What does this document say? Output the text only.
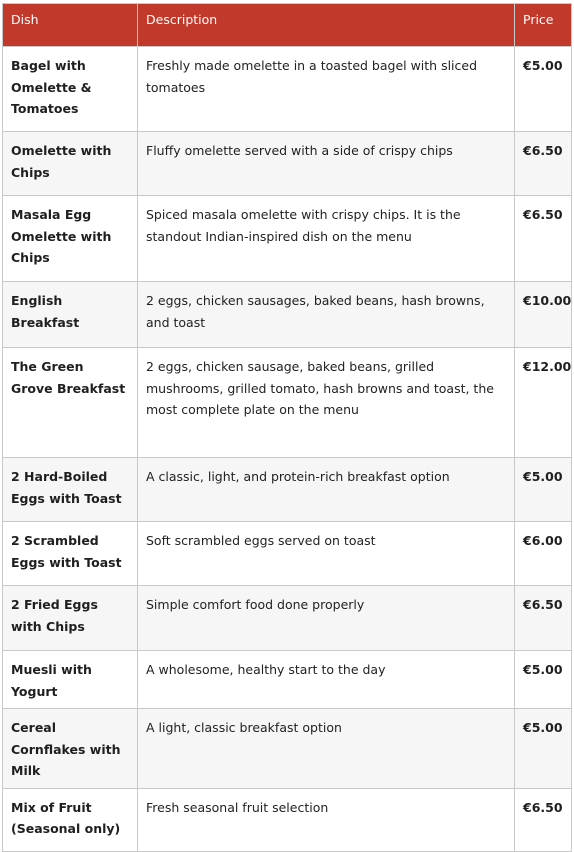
Dish	Description	Price
Bagel with Omelette & Tomatoes	Freshly made omelette in a toasted bagel with sliced tomatoes	€5.00
Omelette with Chips	Fluffy omelette served with a side of crispy chips	€6.50
Masala Egg Omelette with Chips	Spiced masala omelette with crispy chips. It is the standout Indian-inspired dish on the menu	€6.50
English Breakfast	2 eggs, chicken sausages, baked beans, hash browns, and toast	€10.00
The Green Grove Breakfast	2 eggs, chicken sausage, baked beans, grilled mushrooms, grilled tomato, hash browns and toast, the most complete plate on the menu	€12.00
2 Hard-Boiled Eggs with Toast	A classic, light, and protein-rich breakfast option	€5.00
2 Scrambled Eggs with Toast	Soft scrambled eggs served on toast	€6.00
2 Fried Eggs with Chips	Simple comfort food done properly	€6.50
Muesli with Yogurt	A wholesome, healthy start to the day	€5.00
Cereal Cornflakes with Milk	A light, classic breakfast option	€5.00
Mix of Fruit (Seasonal only)	Fresh seasonal fruit selection	€6.50
